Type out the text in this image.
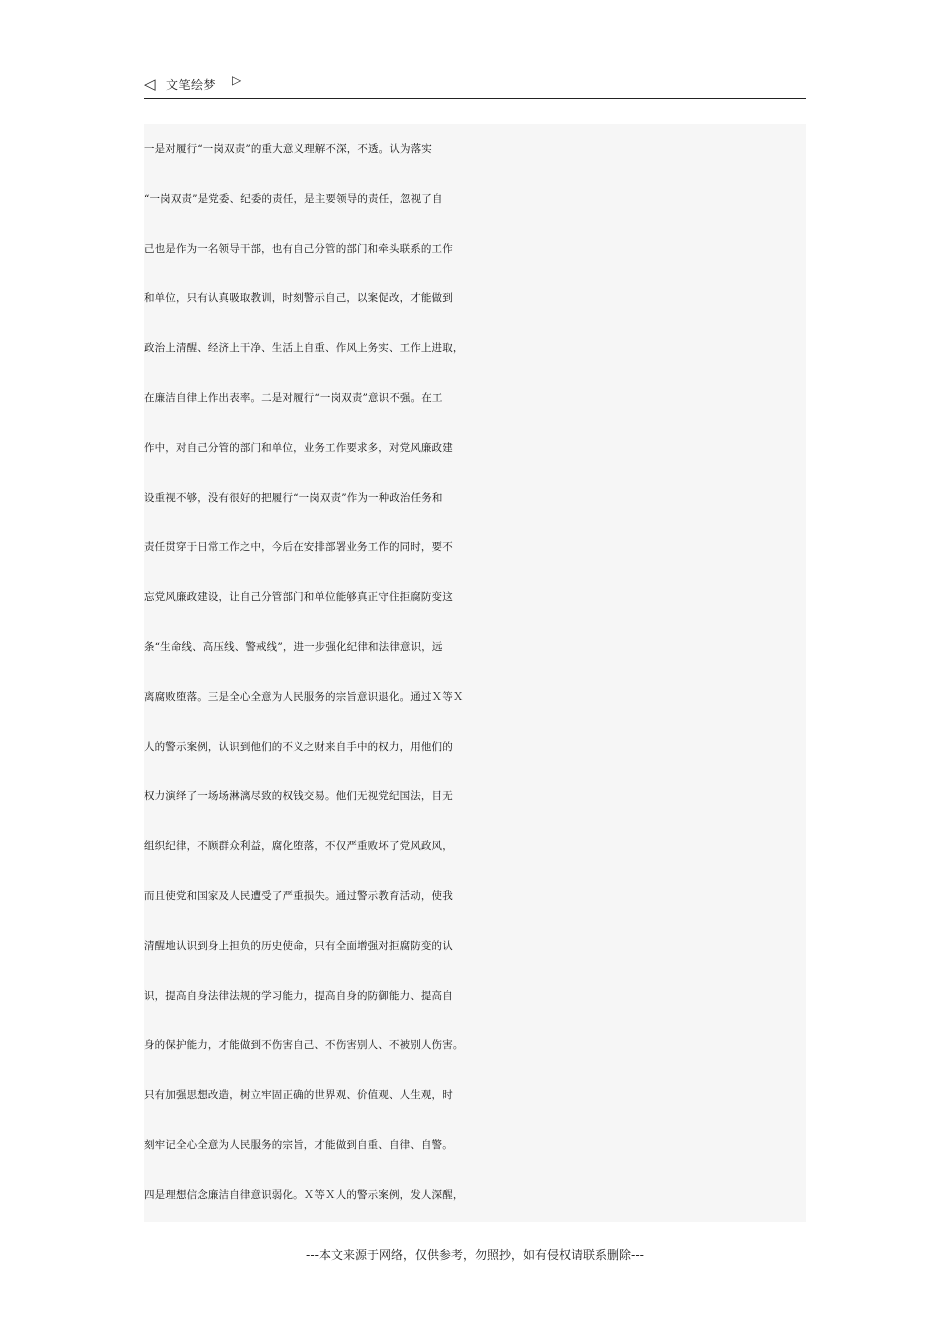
◁ 文笔绘梦 ▷
一是对履行“一岗双责”的重大意义理解不深，不透。认为落实
“一岗双责”是党委、纪委的责任，是主要领导的责任，忽视了自
己也是作为一名领导干部，也有自己分管的部门和牵头联系的工作
和单位，只有认真吸取教训，时刻警示自己，以案促改，才能做到
政治上清醒、经济上干净、生活上自重、作风上务实、工作上进取，
在廉洁自律上作出表率。二是对履行“一岗双责”意识不强。在工
作中，对自己分管的部门和单位，业务工作要求多，对党风廉政建
设重视不够，没有很好的把履行“一岗双责”作为一种政治任务和
责任贯穿于日常工作之中，今后在安排部署业务工作的同时，要不
忘党风廉政建设，让自己分管部门和单位能够真正守住拒腐防变这
条“生命线、高压线、警戒线”，进一步强化纪律和法律意识，远
离腐败堕落。三是全心全意为人民服务的宗旨意识退化。通过Ｘ等Ｘ
人的警示案例，认识到他们的不义之财来自手中的权力，用他们的
权力演绎了一场场淋漓尽致的权钱交易。他们无视党纪国法，目无
组织纪律，不顾群众利益，腐化堕落，不仅严重败坏了党风政风，
而且使党和国家及人民遭受了严重损失。通过警示教育活动，使我
清醒地认识到身上担负的历史使命，只有全面增强对拒腐防变的认
识，提高自身法律法规的学习能力，提高自身的防御能力、提高自
身的保护能力，才能做到不伤害自己、不伤害别人、不被别人伤害。
只有加强思想改造，树立牢固正确的世界观、价值观、人生观，时
刻牢记全心全意为人民服务的宗旨，才能做到自重、自律、自警。
四是理想信念廉洁自律意识弱化。Ｘ等Ｘ人的警示案例，发人深醒，
---本文来源于网络，仅供参考，勿照抄，如有侵权请联系删除---
